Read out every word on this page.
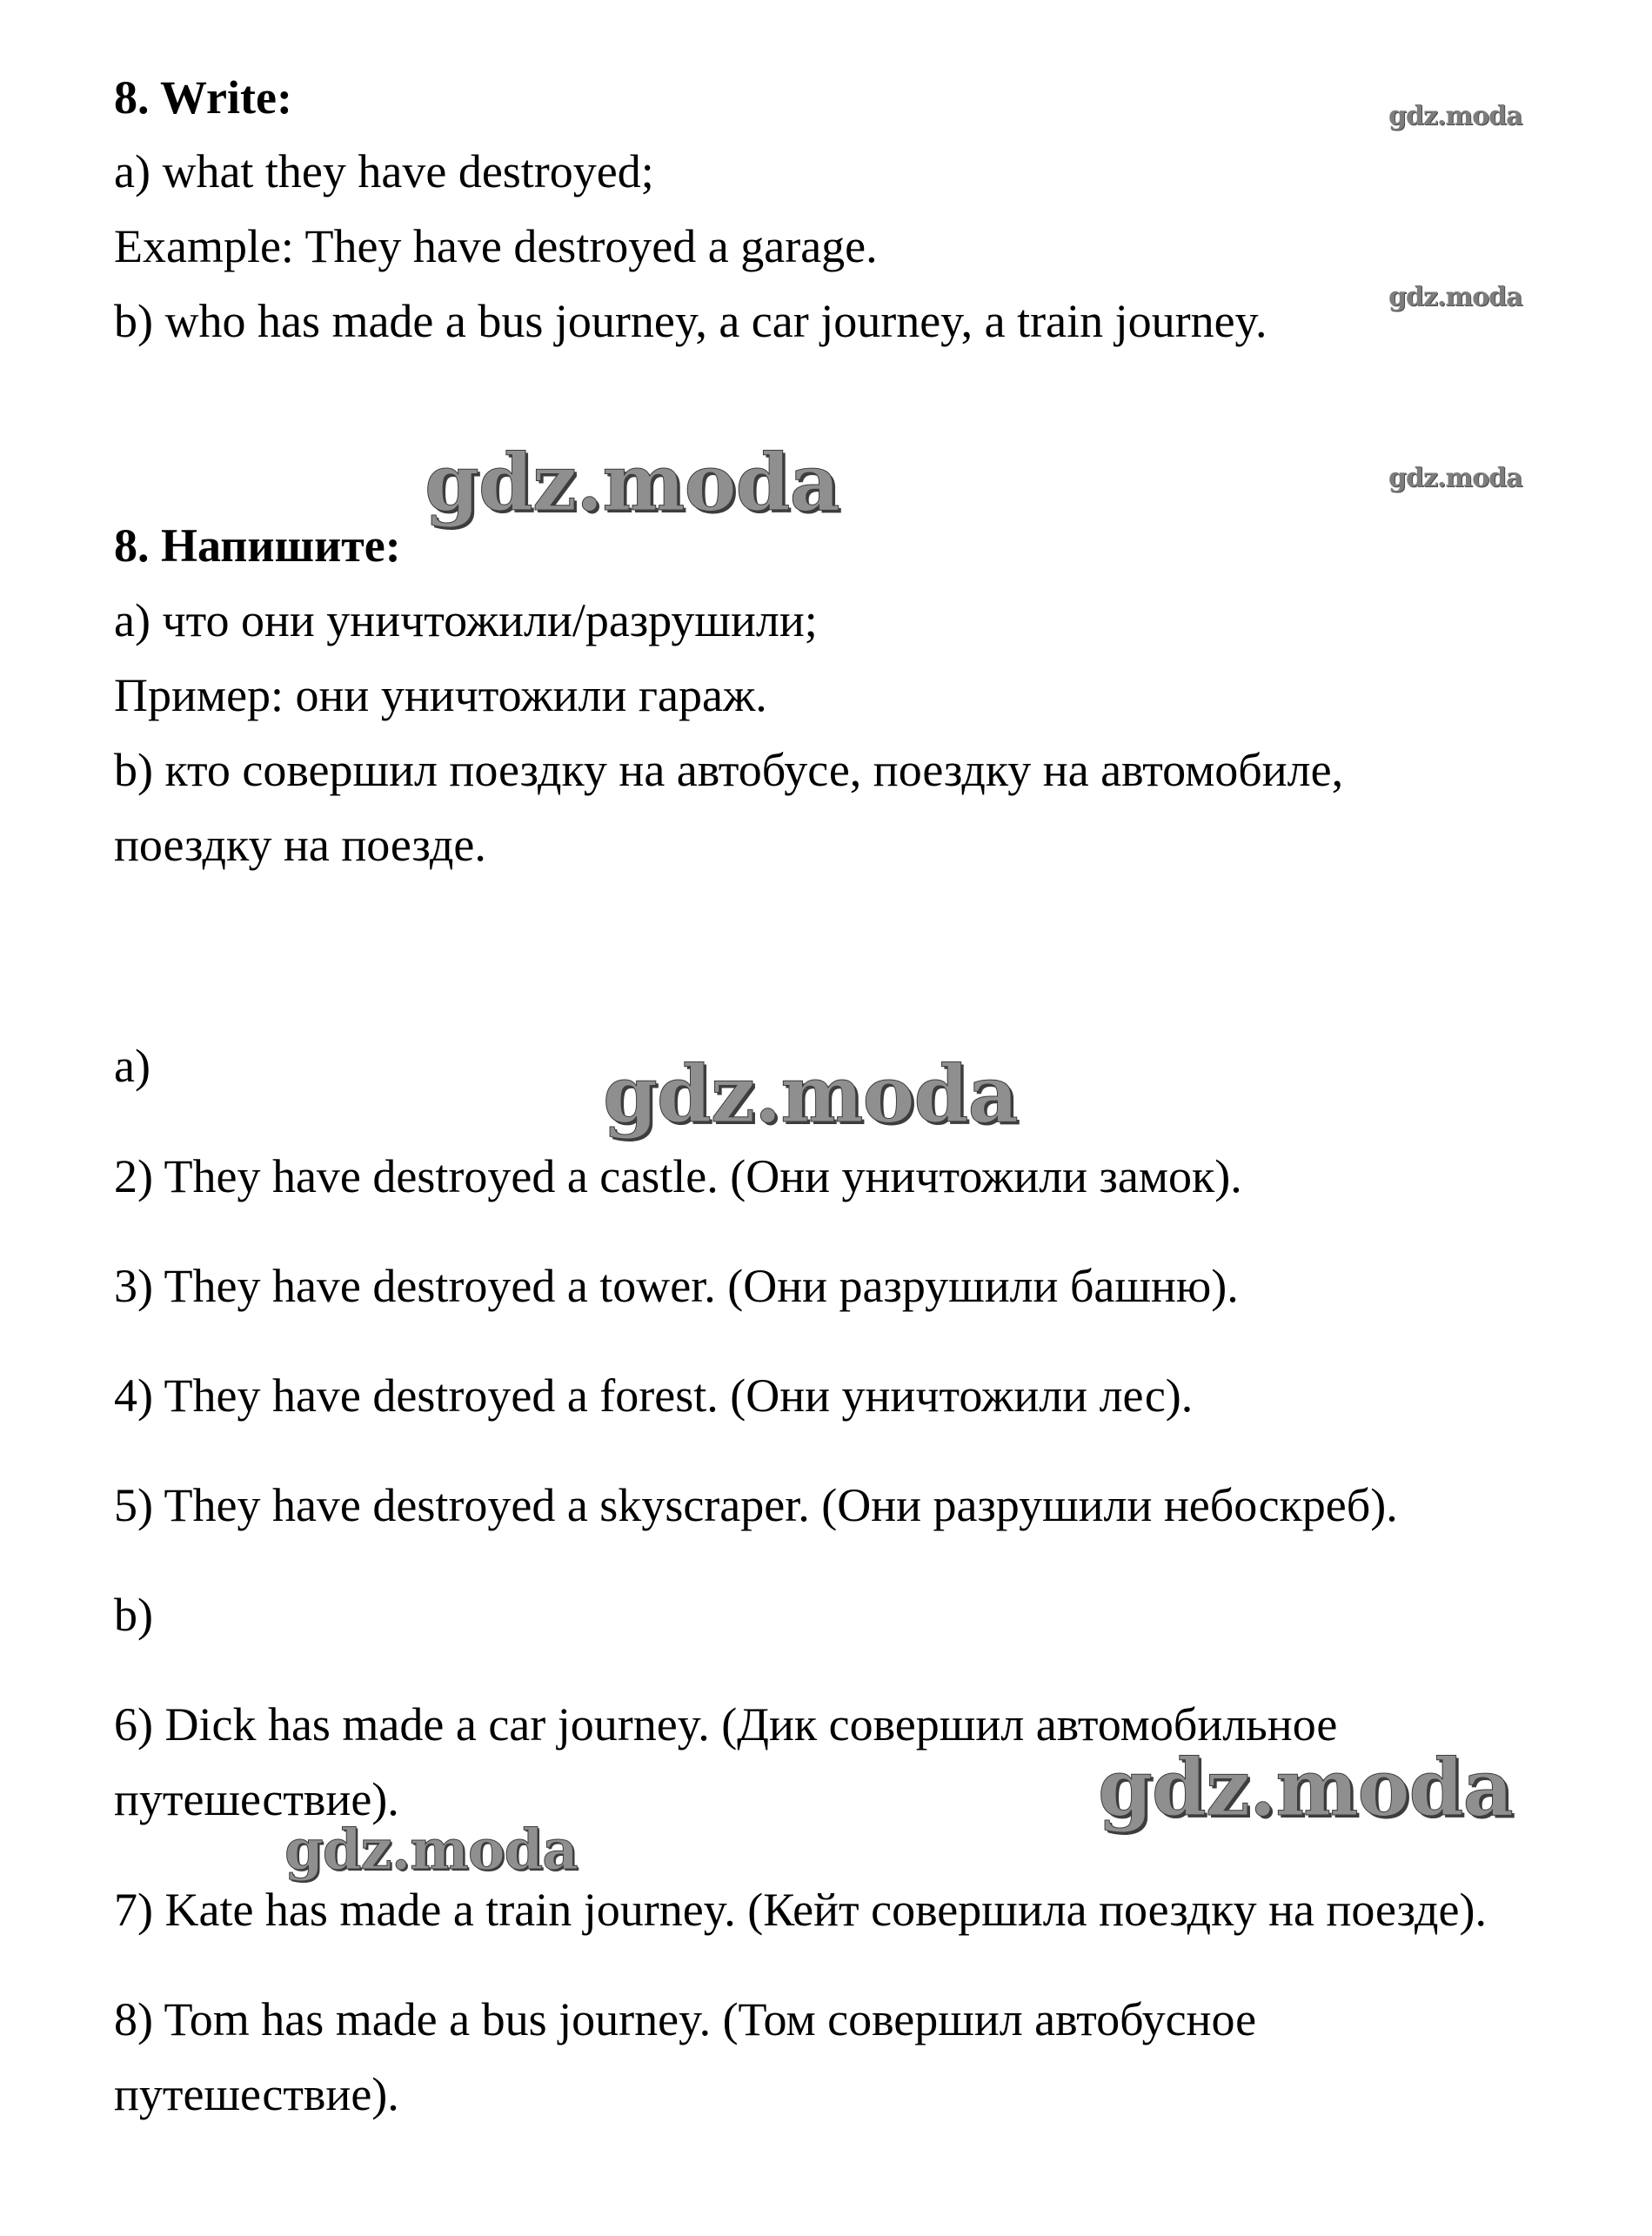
gdz.moda
gdz.moda
gdz.moda
gdz.moda
gdz.moda
gdz.moda
gdz.moda
8. Write:
a) what they have destroyed;
Example: They have destroyed a garage.
b) who has made a bus journey, a car journey, a train journey.
8. Напишите:
а) что они уничтожили/разрушили;
Пример: они уничтожили гараж.
b) кто совершил поездку на автобусе, поездку на автомобиле,
поездку на поезде.
а)
2) They have destroyed a castle. (Они уничтожили замок).
3) They have destroyed a tower. (Они разрушили башню).
4) They have destroyed a forest. (Они уничтожили лес).
5) They have destroyed a skyscraper. (Они разрушили небоскреб).
b)
6) Dick has made a car journey. (Дик совершил автомобильное
путешествие).
7) Kate has made a train journey. (Кейт совершила поездку на поезде).
8) Tom has made a bus journey. (Том совершил автобусное
путешествие).
